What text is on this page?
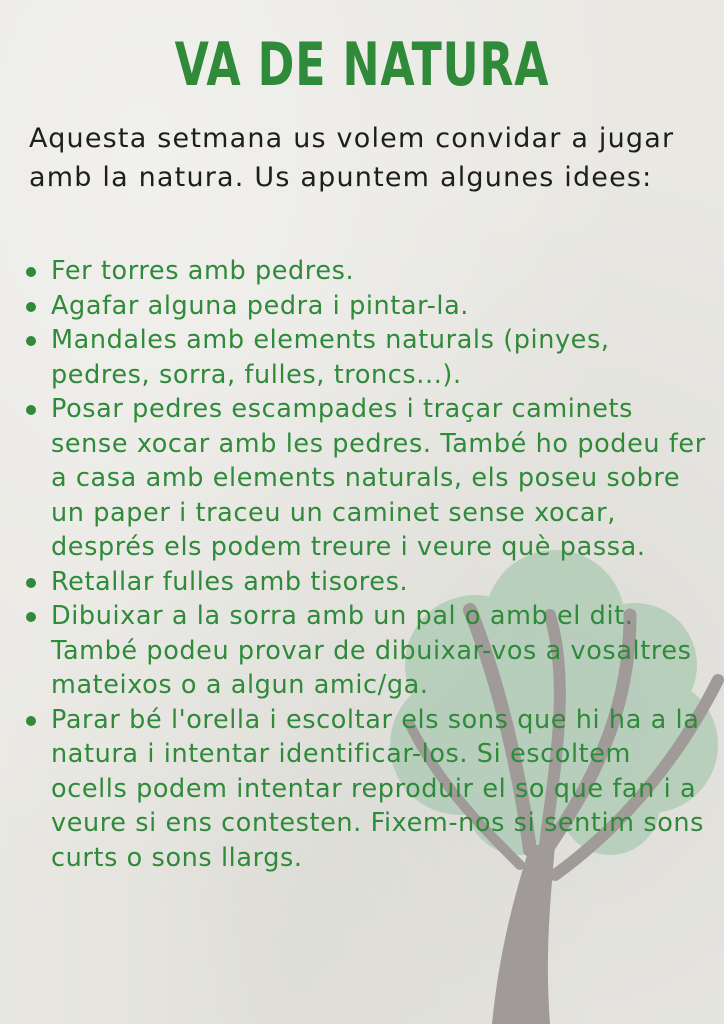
VA DE NATURA

Aquesta setmana us volem convidar a jugar amb la natura. Us apuntem algunes idees:

Fer torres amb pedres.
Agafar alguna pedra i pintar-la.
Mandales amb elements naturals (pinyes, pedres, sorra, fulles, troncs...).
Posar pedres escampades i traçar caminets sense xocar amb les pedres. També ho podeu fer a casa amb elements naturals, els poseu sobre un paper i traceu un caminet sense xocar, després els podem treure i veure què passa.
Retallar fulles amb tisores.
Dibuixar a la sorra amb un pal o amb el dit. També podeu provar de dibuixar-vos a vosaltres mateixos o a algun amic/ga.
Parar bé l'orella i escoltar els sons que hi ha a la natura i intentar identificar-los. Si escoltem ocells podem intentar reproduir el so que fan i a veure si ens contesten. Fixem-nos si sentim sons curts o sons llargs.
